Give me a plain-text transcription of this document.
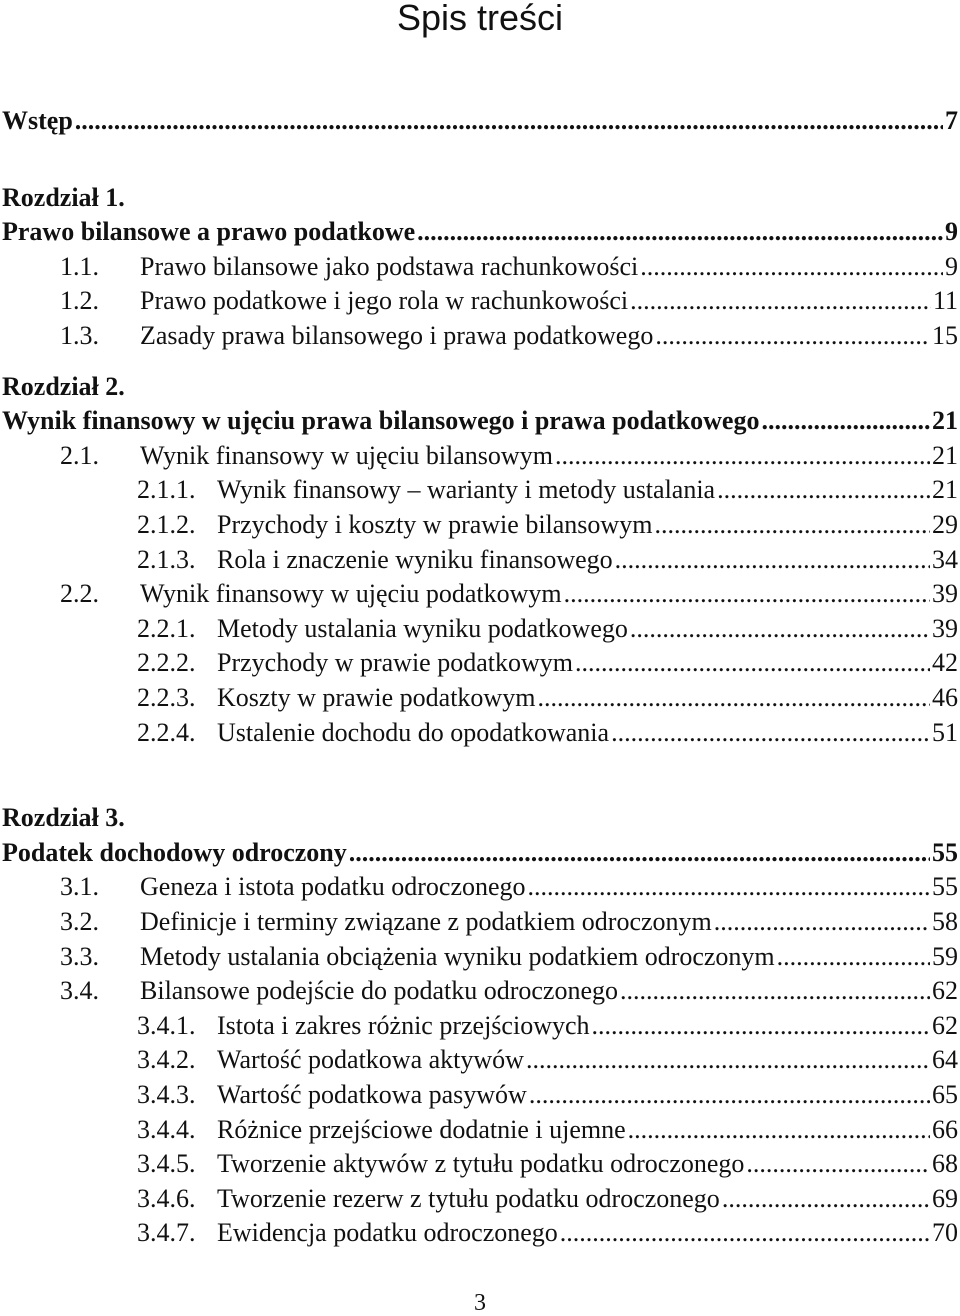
Spis treści
Wstęp .....	7
Rozdział 1.
Prawo bilansowe a prawo podatkowe .....	9
1.1.	Prawo bilansowe jako podstawa rachunkowości .....	9
1.2.	Prawo podatkowe i jego rola w rachunkowości .....	11
1.3.	Zasady prawa bilansowego i prawa podatkowego .....	15
Rozdział 2.
Wynik finansowy w ujęciu prawa bilansowego i prawa podatkowego .....	21
2.1.	Wynik finansowy w ujęciu bilansowym .....	21
2.1.1. Wynik finansowy – warianty i metody ustalania .....	21
2.1.2. Przychody i koszty w prawie bilansowym .....	29
2.1.3. Rola i znaczenie wyniku finansowego .....	34
2.2.	Wynik finansowy w ujęciu podatkowym .....	39
2.2.1. Metody ustalania wyniku podatkowego .....	39
2.2.2. Przychody w prawie podatkowym .....	42
2.2.3. Koszty w prawie podatkowym .....	46
2.2.4. Ustalenie dochodu do opodatkowania .....	51
Rozdział 3.
Podatek dochodowy odroczony .....	55
3.1.	Geneza i istota podatku odroczonego .....	55
3.2.	Definicje i terminy związane z podatkiem odroczonym .....	58
3.3.	Metody ustalania obciążenia wyniku podatkiem odroczonym .....	59
3.4.	Bilansowe podejście do podatku odroczonego .....	62
3.4.1. Istota i zakres różnic przejściowych .....	62
3.4.2. Wartość podatkowa aktywów .....	64
3.4.3. Wartość podatkowa pasywów .....	65
3.4.4. Różnice przejściowe dodatnie i ujemne .....	66
3.4.5. Tworzenie aktywów z tytułu podatku odroczonego .....	68
3.4.6. Tworzenie rezerw z tytułu podatku odroczonego .....	69
3.4.7. Ewidencja podatku odroczonego .....	70
3
